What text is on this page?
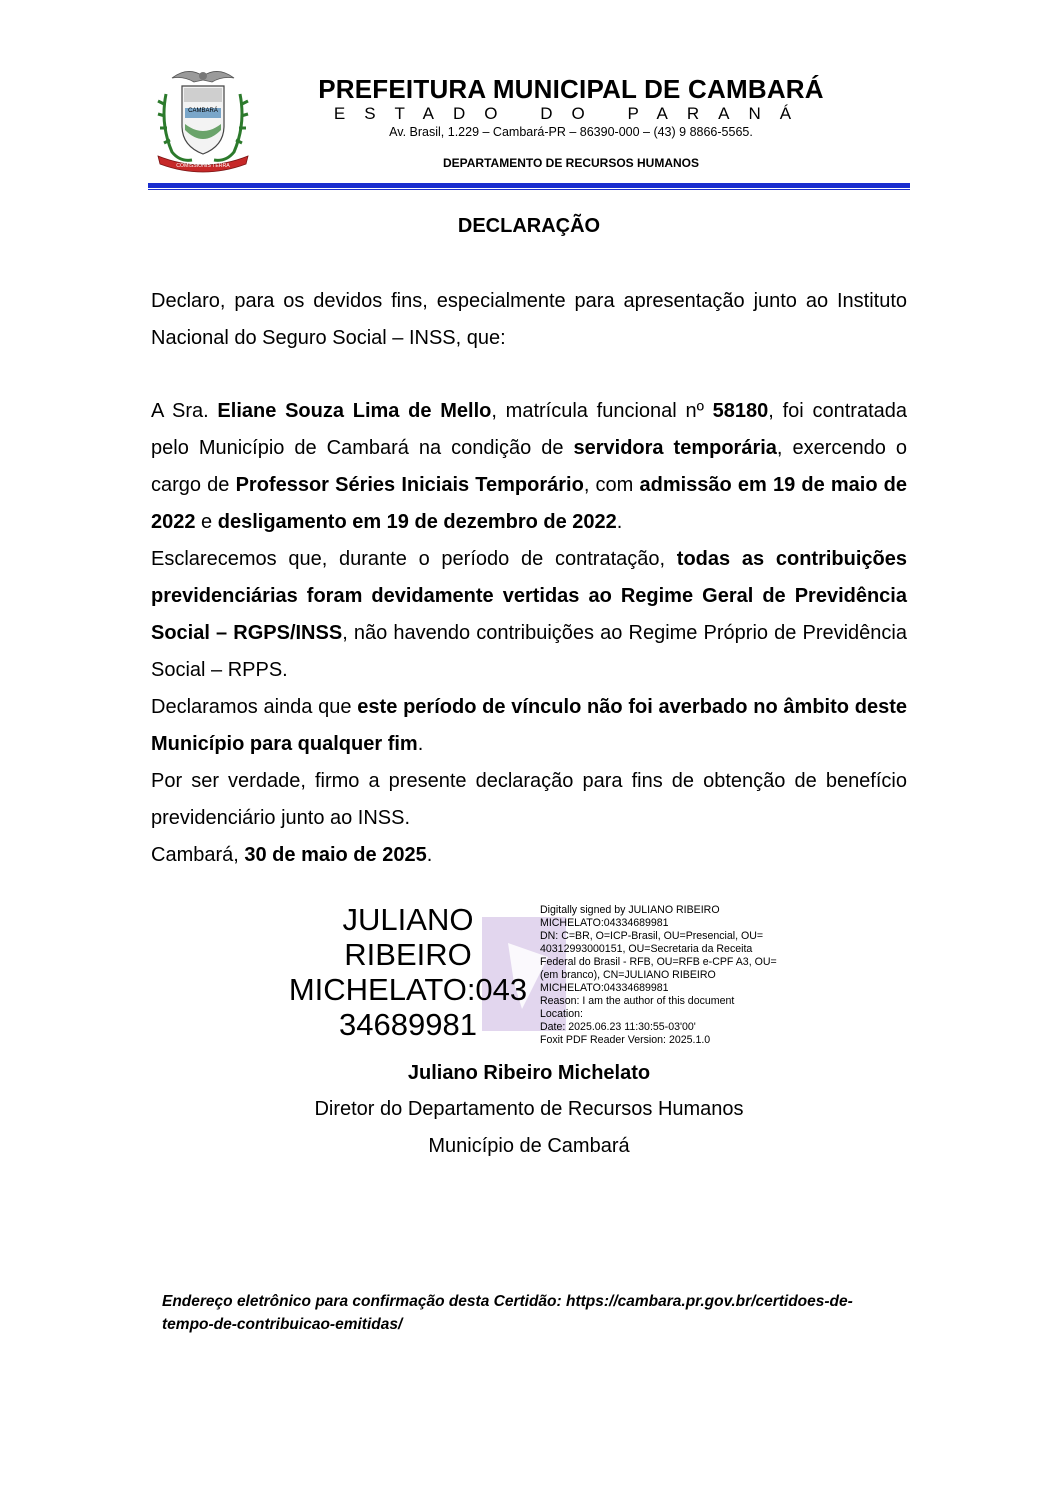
CAMBARÁ
COMISSIONIS TERRA
PREFEITURA MUNICIPAL DE CAMBARÁ
ESTADO DO PARANÁ
Av. Brasil, 1.229 – Cambará-PR – 86390-000 – (43) 9 8866-5565.
DEPARTAMENTO DE RECURSOS HUMANOS
DECLARAÇÃO

Declaro, para os devidos fins, especialmente para apresentação junto ao Instituto Nacional do Seguro Social – INSS, que:

A Sra. Eliane Souza Lima de Mello, matrícula funcional nº 58180, foi contratada pelo Município de Cambará na condição de servidora temporária, exercendo o cargo de Professor Séries Iniciais Temporário, com admissão em 19 de maio de 2022 e desligamento em 19 de dezembro de 2022.

Esclarecemos que, durante o período de contratação, todas as contribuições previdenciárias foram devidamente vertidas ao Regime Geral de Previdência Social – RGPS/INSS, não havendo contribuições ao Regime Próprio de Previdência Social – RPPS.

Declaramos ainda que este período de vínculo não foi averbado no âmbito deste Município para qualquer fim.

Por ser verdade, firmo a presente declaração para fins de obtenção de benefício previdenciário junto ao INSS.

Cambará, 30 de maio de 2025.

JULIANO
RIBEIRO
MICHELATO:043
34689981
Digitally signed by JULIANO RIBEIRO
MICHELATO:04334689981
DN: C=BR, O=ICP-Brasil, OU=Presencial, OU=
40312993000151, OU=Secretaria da Receita
Federal do Brasil - RFB, OU=RFB e-CPF A3, OU=
(em branco), CN=JULIANO RIBEIRO
MICHELATO:04334689981
Reason: I am the author of this document
Location:
Date: 2025.06.23 11:30:55-03'00'
Foxit PDF Reader Version: 2025.1.0
Juliano Ribeiro Michelato
Diretor do Departamento de Recursos Humanos
Município de Cambará
Endereço eletrônico para confirmação desta Certidão: https://cambara.pr.gov.br/certidoes-de-
tempo-de-contribuicao-emitidas/
